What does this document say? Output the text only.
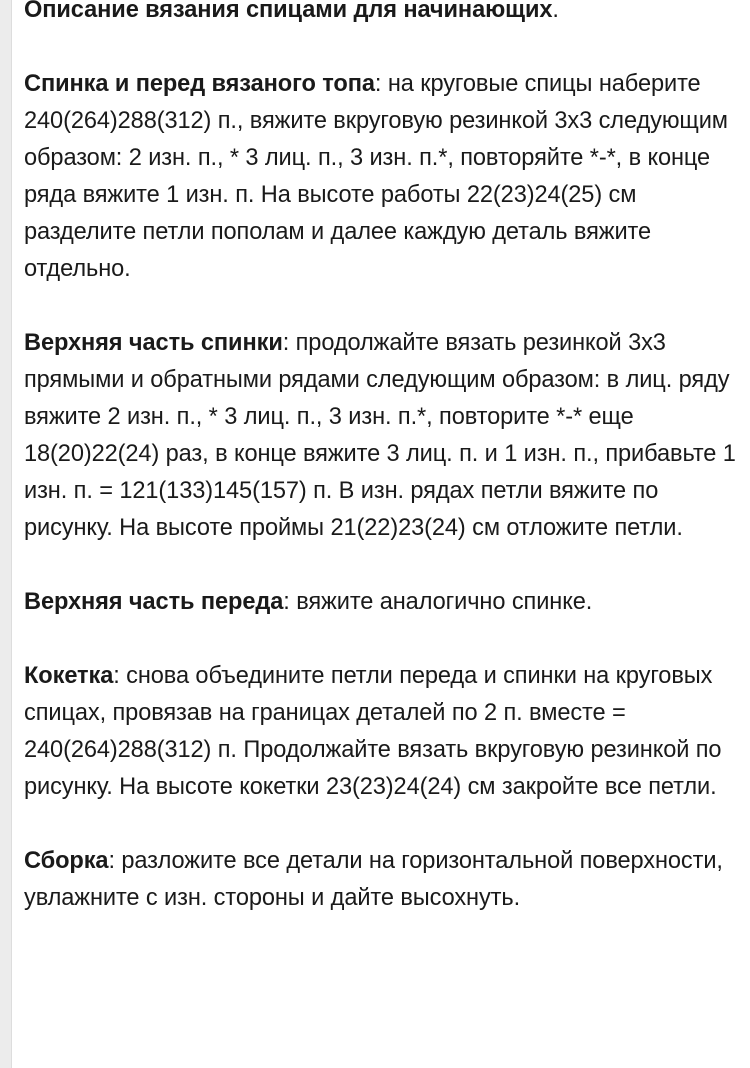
Описание вязания спицами для начинающих.

Спинка и перед вязаного топа: на круговые спицы наберите 240(264)288(312) п., вяжите вкруговую резинкой 3х3 следующим образом: 2 изн. п., * 3 лиц. п., 3 изн. п.*, повторяйте *-*, в конце ряда вяжите 1 изн. п. На высоте работы 22(23)24(25) см разделите петли пополам и далее каждую деталь вяжите отдельно.

Верхняя часть спинки: продолжайте вязать резинкой 3х3 прямыми и обратными рядами следующим образом: в лиц. ряду вяжите 2 изн. п., * 3 лиц. п., 3 изн. п.*, повторите *-* еще 18(20)22(24) раз, в конце вяжите 3 лиц. п. и 1 изн. п., прибавьте 1 изн. п. = 121(133)145(157) п. В изн. рядах петли вяжите по рисунку. На высоте проймы 21(22)23(24) см отложите петли.

Верхняя часть переда: вяжите аналогично спинке.

Кокетка: снова объедините петли переда и спинки на круговых спицах, провязав на границах деталей по 2 п. вместе = 240(264)288(312) п. Продолжайте вязать вкруговую резинкой по рисунку. На высоте кокетки 23(23)24(24) см закройте все петли.

Сборка: разложите все детали на горизонтальной поверхности, увлажните с изн. стороны и дайте высохнуть.
